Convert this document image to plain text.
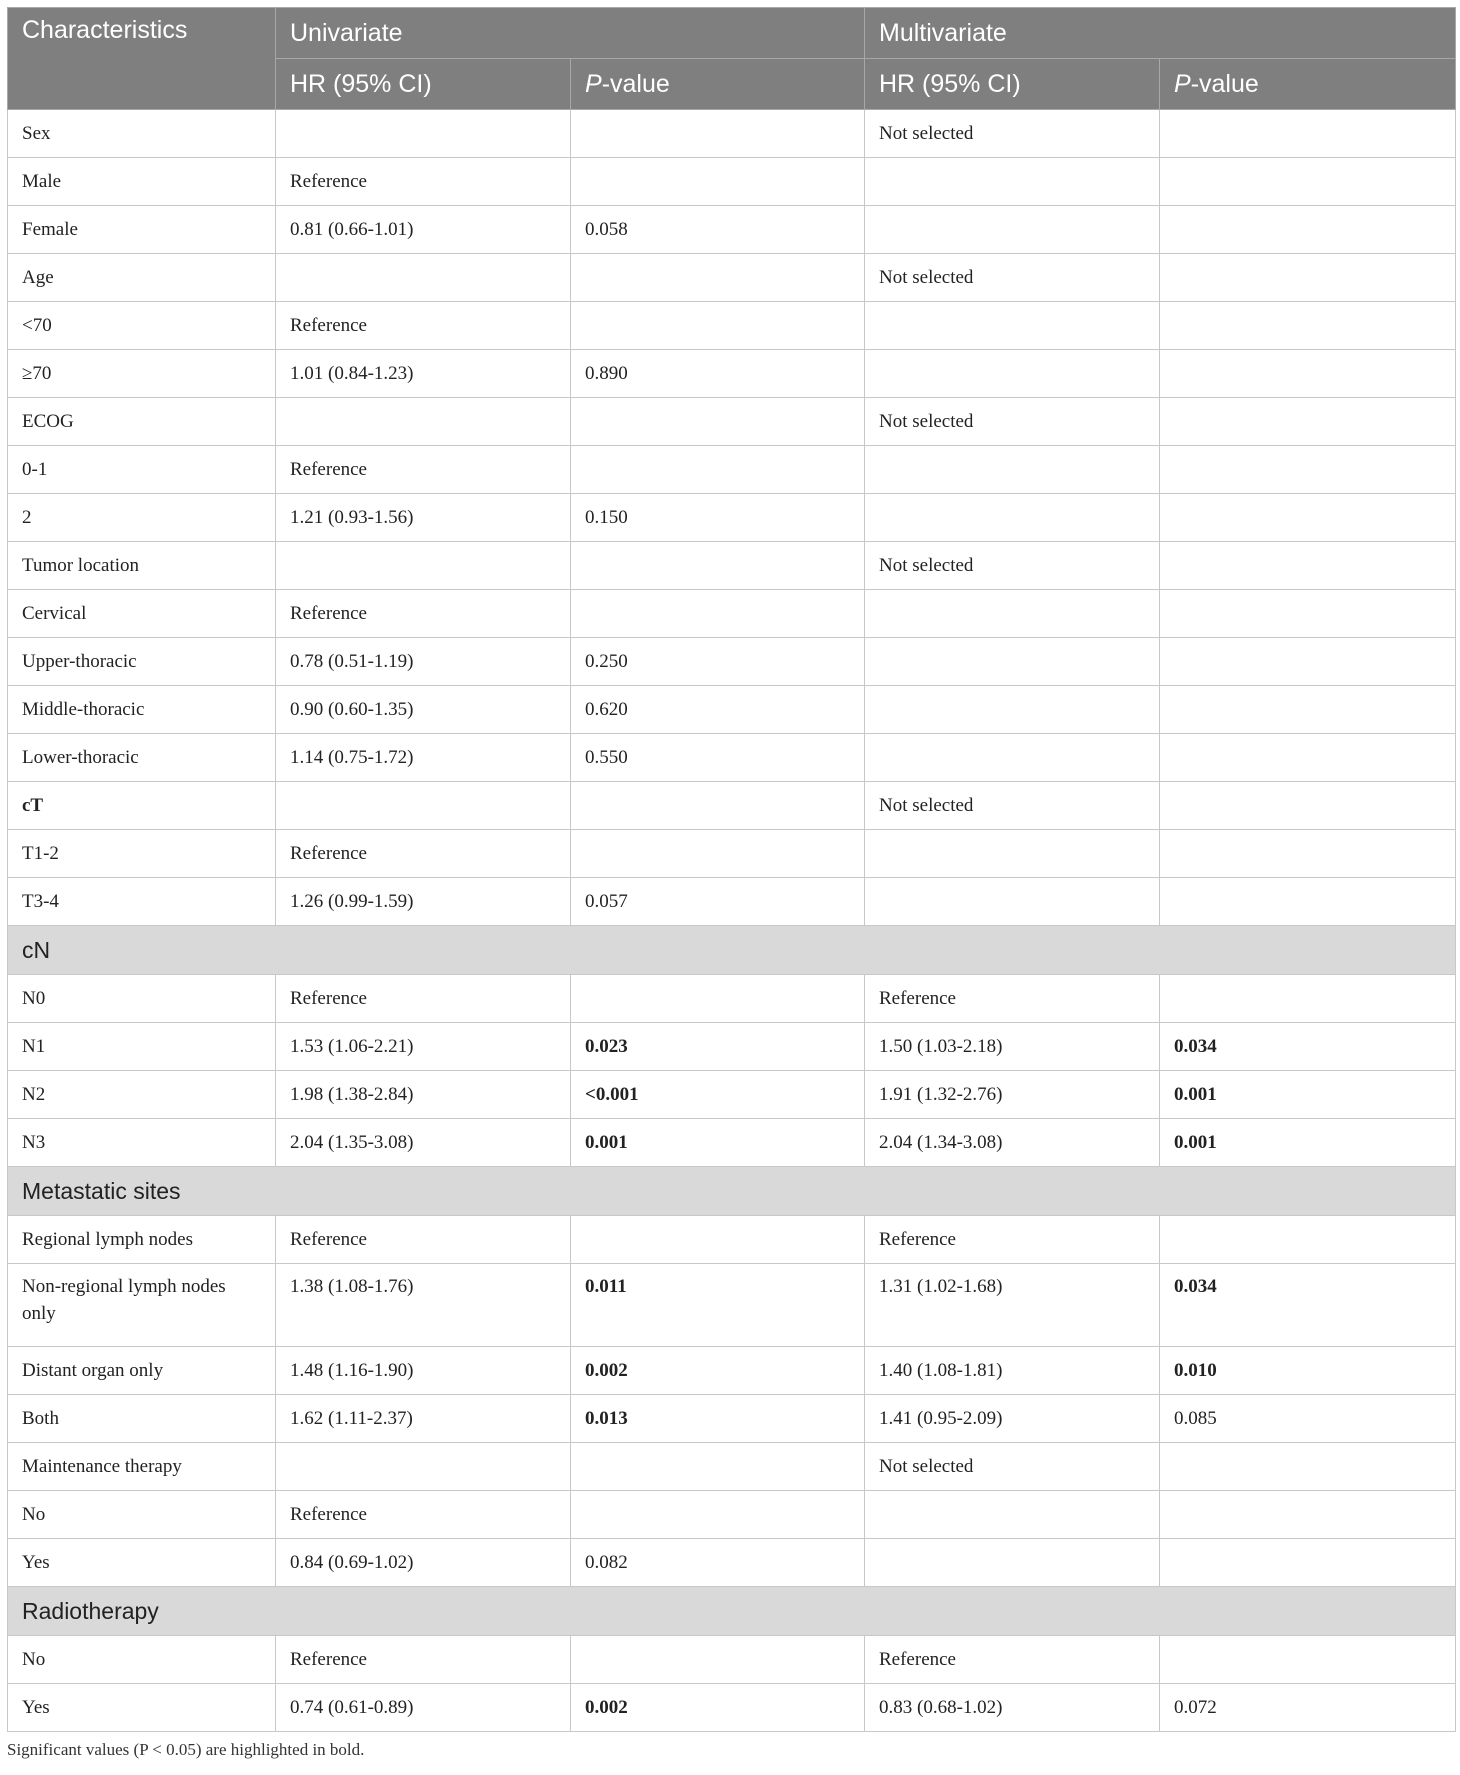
Characteristics	Univariate		Multivariate	
	HR (95% CI)	P-value	HR (95% CI)	P-value
Sex			Not selected	
Male	Reference			
Female	0.81 (0.66-1.01)	0.058		
Age			Not selected	
<70	Reference			
≥70	1.01 (0.84-1.23)	0.890		
ECOG			Not selected	
0-1	Reference			
2	1.21 (0.93-1.56)	0.150		
Tumor location			Not selected	
Cervical	Reference			
Upper-thoracic	0.78 (0.51-1.19)	0.250		
Middle-thoracic	0.90 (0.60-1.35)	0.620		
Lower-thoracic	1.14 (0.75-1.72)	0.550		
cT			Not selected	
T1-2	Reference			
T3-4	1.26 (0.99-1.59)	0.057		
cN				
N0	Reference		Reference	
N1	1.53 (1.06-2.21)	0.023	1.50 (1.03-2.18)	0.034
N2	1.98 (1.38-2.84)	<0.001	1.91 (1.32-2.76)	0.001
N3	2.04 (1.35-3.08)	0.001	2.04 (1.34-3.08)	0.001
Metastatic sites				
Regional lymph nodes	Reference		Reference	
Non-regional lymph nodes only	1.38 (1.08-1.76)	0.011	1.31 (1.02-1.68)	0.034
Distant organ only	1.48 (1.16-1.90)	0.002	1.40 (1.08-1.81)	0.010
Both	1.62 (1.11-2.37)	0.013	1.41 (0.95-2.09)	0.085
Maintenance therapy			Not selected	
No	Reference			
Yes	0.84 (0.69-1.02)	0.082		
Radiotherapy				
No	Reference		Reference	
Yes	0.74 (0.61-0.89)	0.002	0.83 (0.68-1.02)	0.072
Significant values (P < 0.05) are highlighted in bold.
